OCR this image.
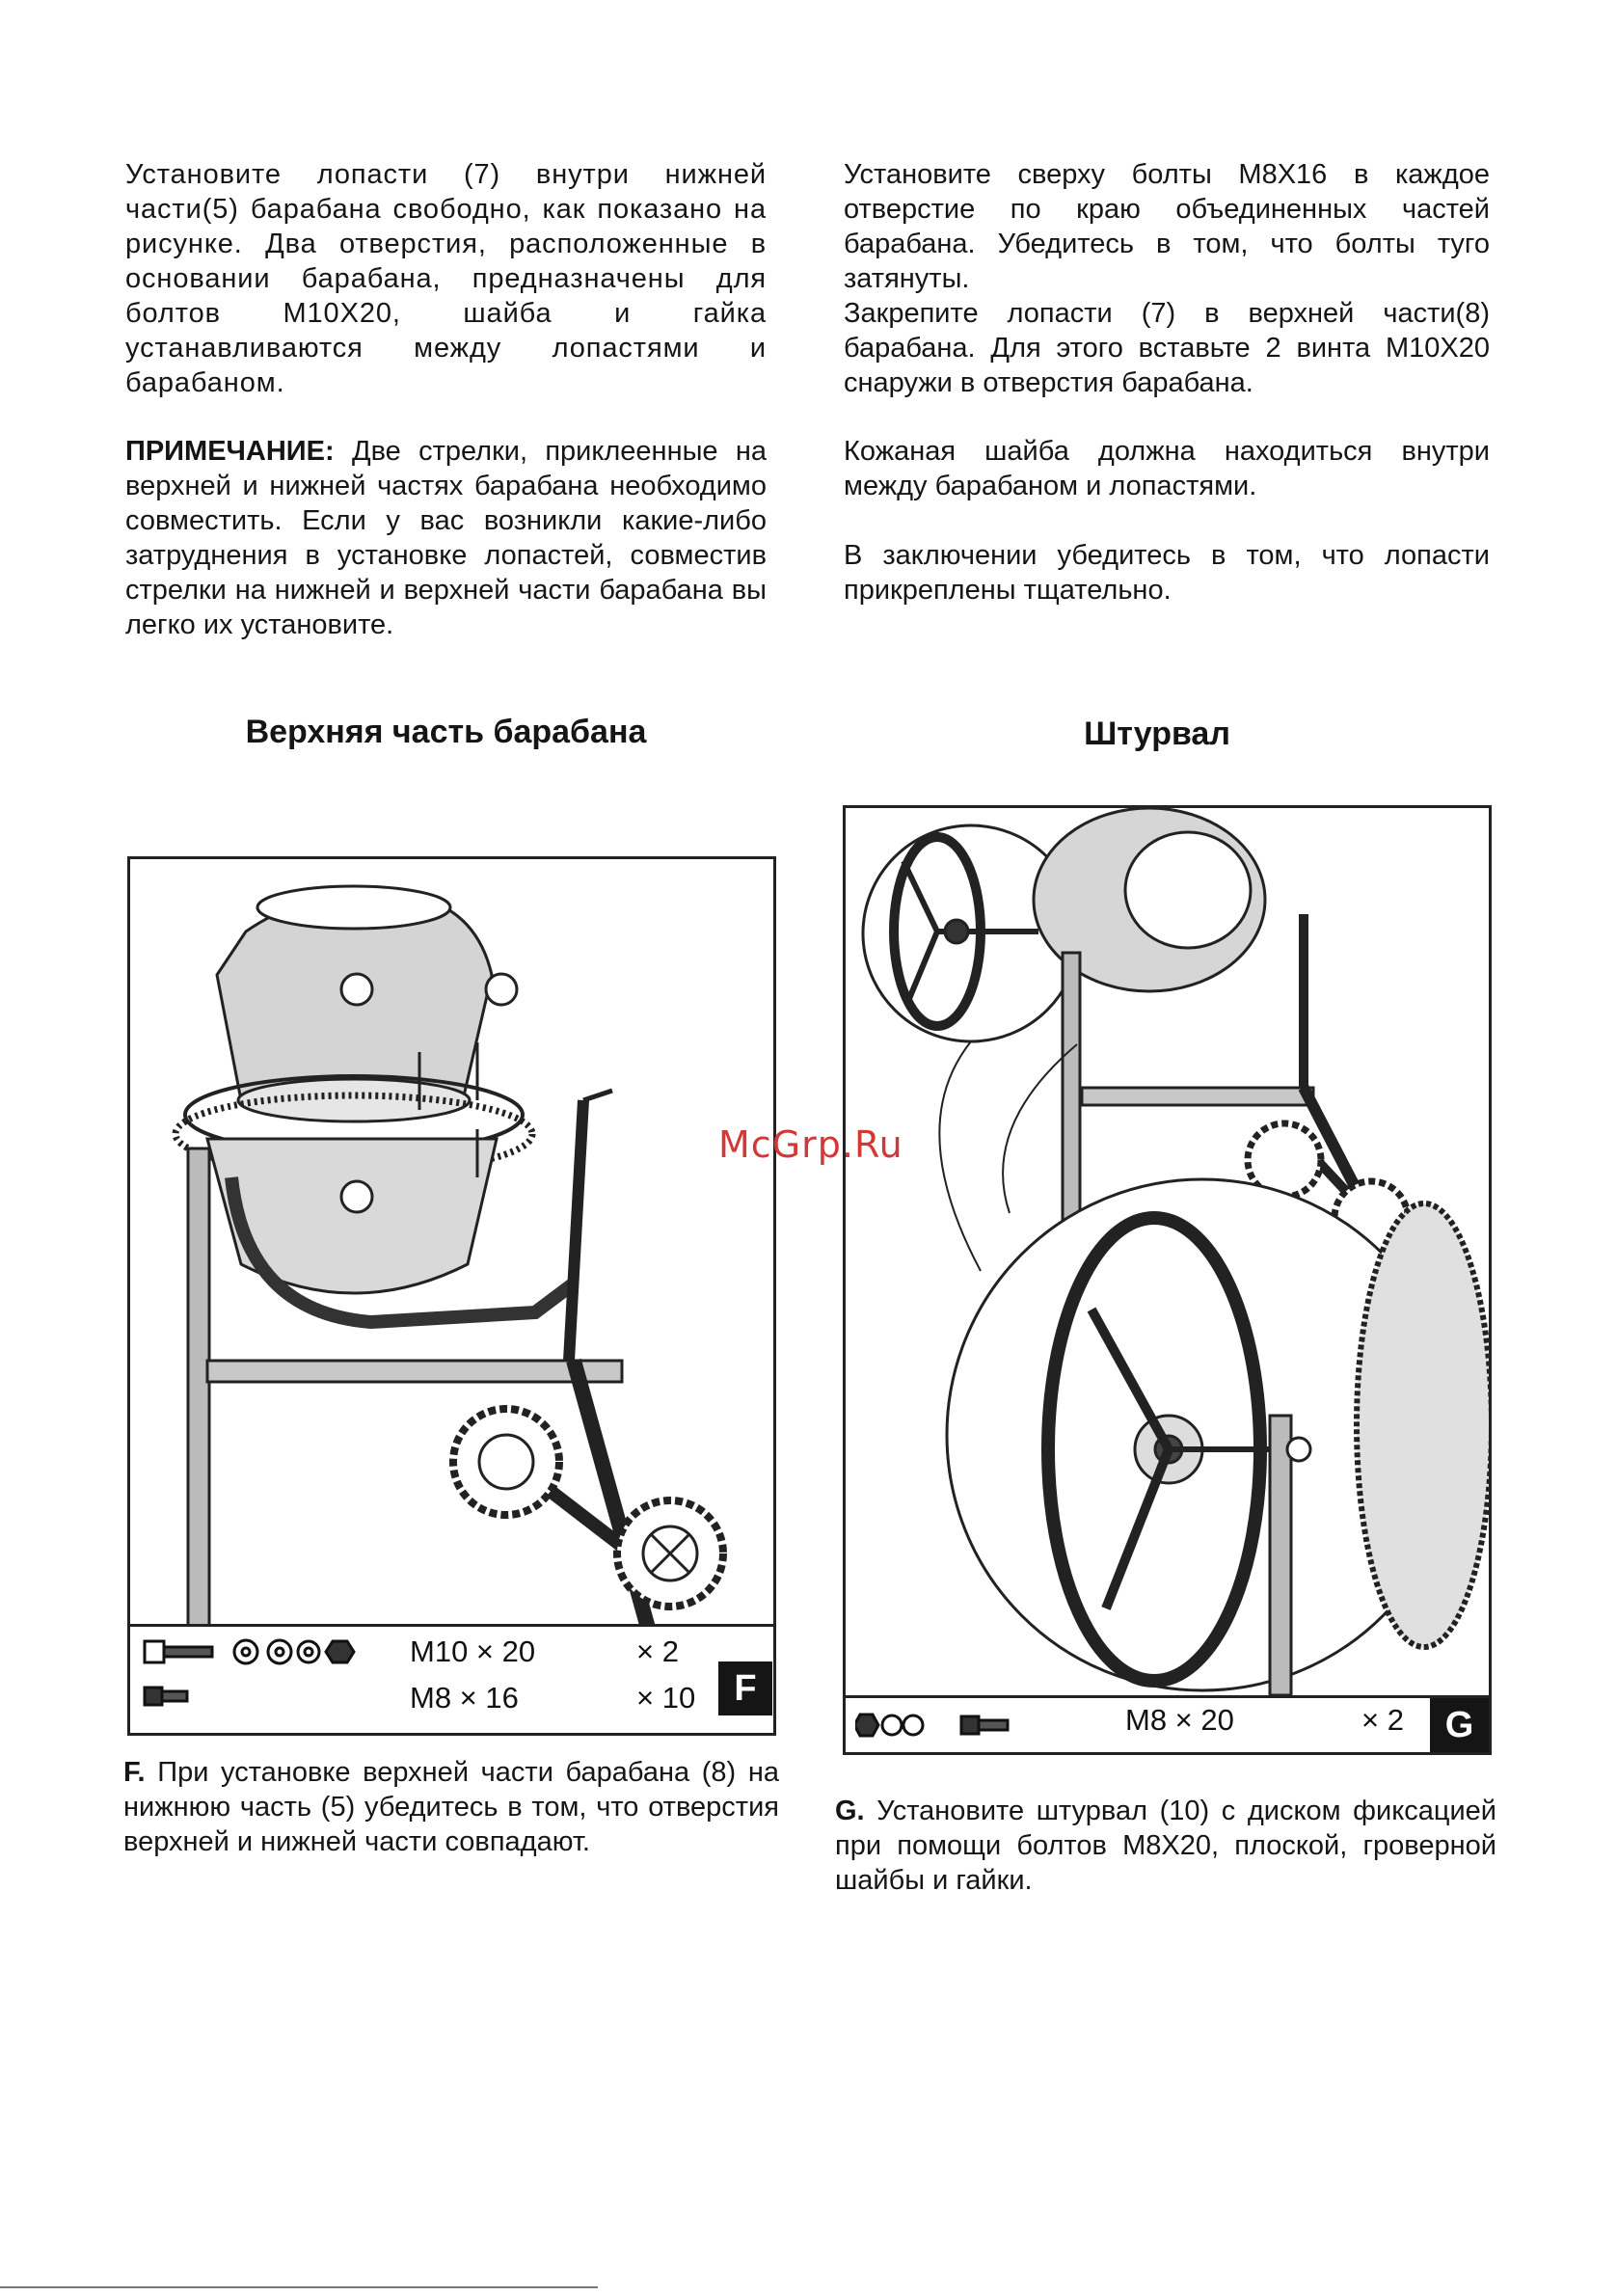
Установите лопасти (7) внутри нижней части(5) барабана свободно, как показано на рисунке. Два отверстия, расположенные в основании барабана, предназначены для болтов M10X20, шайба и гайка устанавливаются между лопастями и барабаном.

ПРИМЕЧАНИЕ: Две стрелки, приклеенные на верхней и нижней частях барабана необходимо совместить. Если у вас возникли какие-либо затруднения в установке лопастей, совместив стрелки на нижней и верхней части барабана вы легко их установите.

Установите сверху болты M8X16 в каждое отверстие по краю объединенных частей барабана. Убедитесь в том, что болты туго затянуты.

Закрепите лопасти (7) в верхней части(8) барабана. Для этого вставьте 2 винта M10X20 снаружи в отверстия барабана.

Кожаная шайба должна находиться внутри между барабаном и лопастями.

В заключении убедитесь в том, что лопасти прикреплены тщательно.

Верхняя часть барабана	Штурвал
M10 × 20	× 2
M8 × 16	× 10	F

F. При установке верхней части барабана (8) на нижнюю часть (5) убедитесь в том, что отверстия верхней и нижней части совпадают.

M8 × 20	× 2	G

G. Установите штурвал (10) с диском фиксацией при помощи болтов M8X20, плоской, гроверной шайбы и гайки.

McGrp.Ru
